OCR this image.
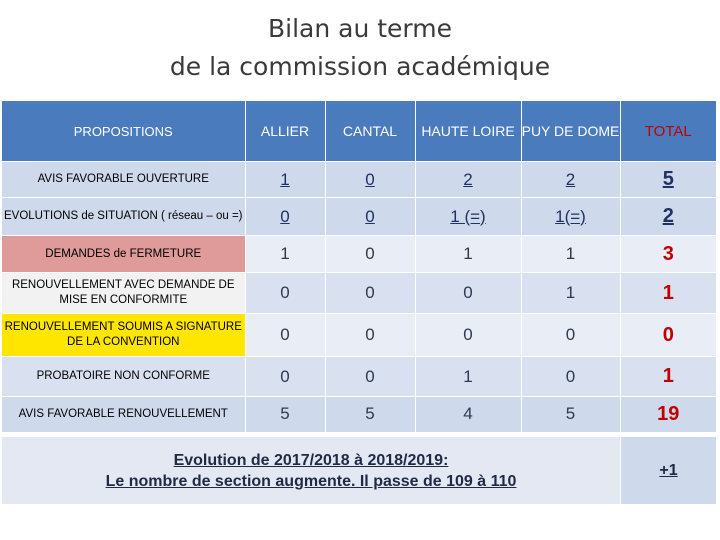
Bilan au terme
de la commission académique
PROPOSITIONS	ALLIER	CANTAL	HAUTE LOIRE	PUY DE DOME	TOTAL
AVIS FAVORABLE OUVERTURE	1	0	2	2	5
EVOLUTIONS de SITUATION ( réseau – ou =)	0	0	1 (=)	1(=)	2
DEMANDES de FERMETURE	1	0	1	1	3
RENOUVELLEMENT AVEC DEMANDE DE MISE EN CONFORMITE	0	0	0	1	1
RENOUVELLEMENT SOUMIS A SIGNATURE DE LA CONVENTION	0	0	0	0	0
PROBATOIRE NON CONFORME	0	0	1	0	1
AVIS FAVORABLE RENOUVELLEMENT	5	5	4	5	19
Evolution de 2017/2018 à 2018/2019:
Le nombre de section augmente. Il passe de 109 à 110
+1
